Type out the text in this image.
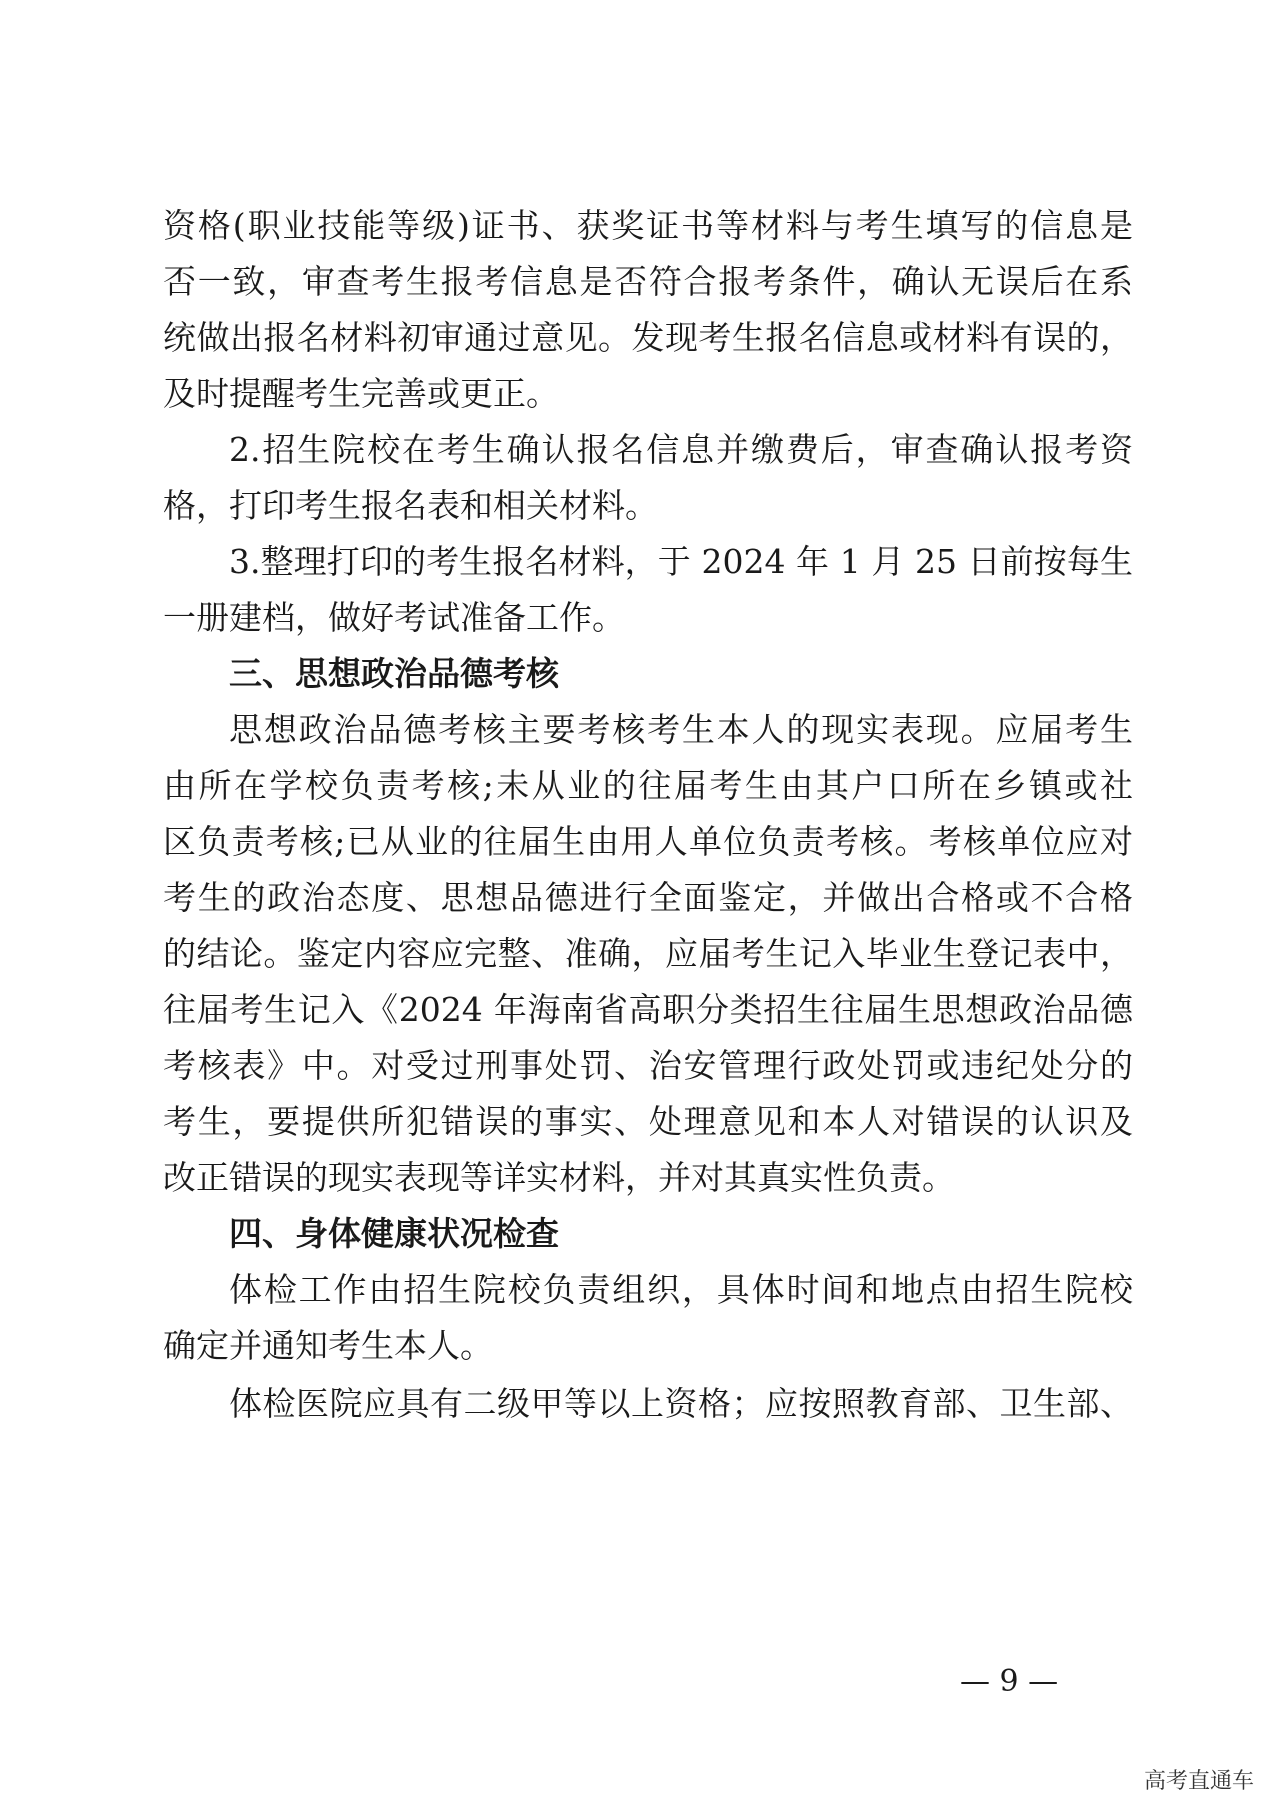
资格(职业技能等级)证书、获奖证书等材料与考生填写的信息是
否一致，审查考生报考信息是否符合报考条件，确认无误后在系
统做出报名材料初审通过意见。发现考生报名信息或材料有误的，
及时提醒考生完善或更正。
2.招生院校在考生确认报名信息并缴费后，审查确认报考资
格，打印考生报名表和相关材料。
3.整理打印的考生报名材料，于 2024 年 1 月 25 日前按每生
一册建档，做好考试准备工作。
三、思想政治品德考核
思想政治品德考核主要考核考生本人的现实表现。应届考生
由所在学校负责考核;未从业的往届考生由其户口所在乡镇或社
区负责考核;已从业的往届生由用人单位负责考核。考核单位应对
考生的政治态度、思想品德进行全面鉴定，并做出合格或不合格
的结论。鉴定内容应完整、准确，应届考生记入毕业生登记表中，
往届考生记入《2024 年海南省高职分类招生往届生思想政治品德
考核表》中。对受过刑事处罚、治安管理行政处罚或违纪处分的
考生，要提供所犯错误的事实、处理意见和本人对错误的认识及
改正错误的现实表现等详实材料，并对其真实性负责。
四、身体健康状况检查
体检工作由招生院校负责组织，具体时间和地点由招生院校
确定并通知考生本人。
体检医院应具有二级甲等以上资格；应按照教育部、卫生部、
— 9 —
高考直通车
